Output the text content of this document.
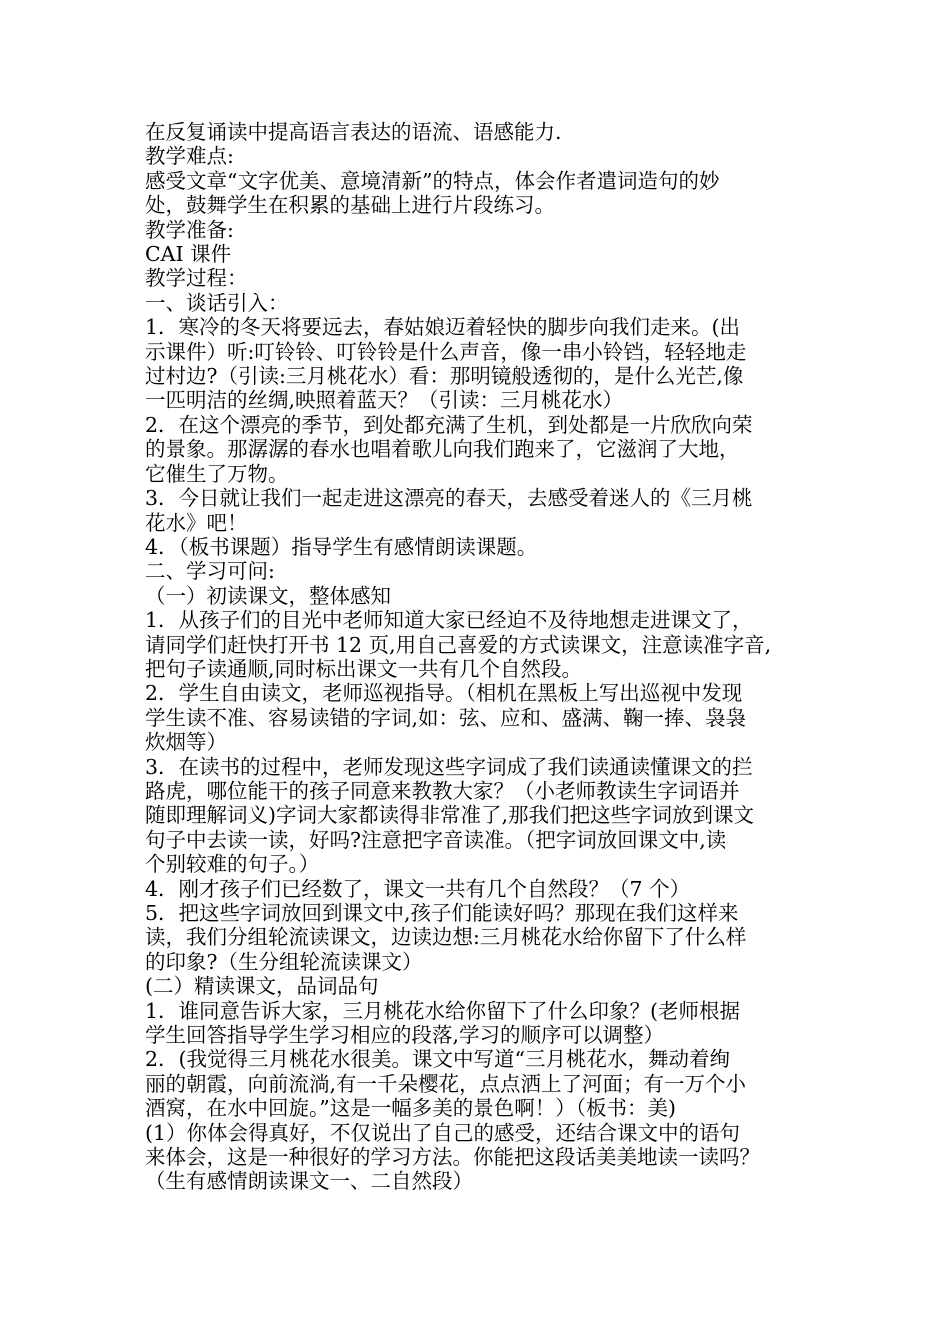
在反复诵读中提高语言表达的语流、语感能力.
教学难点:
感受文章“文字优美、意境清新”的特点，体会作者遣词造句的妙
处，鼓舞学生在积累的基础上进行片段练习。
教学准备:
CAI 课件
教学过程：
一、谈话引入：
1．寒冷的冬天将要远去，春姑娘迈着轻快的脚步向我们走来。(出
示课件）听:叮铃铃、叮铃铃是什么声音，像一串小铃铛，轻轻地走
过村边?（引读:三月桃花水）看：那明镜般透彻的，是什么光芒,像
一匹明洁的丝绸,映照着蓝天？（引读：三月桃花水）
2．在这个漂亮的季节，到处都充满了生机，到处都是一片欣欣向荣
的景象。那潺潺的春水也唱着歌儿向我们跑来了，它滋润了大地，
它催生了万物。
3．今日就让我们一起走进这漂亮的春天，去感受着迷人的《三月桃
花水》吧！
4．（板书课题）指导学生有感情朗读课题。
二、学习可问:
（一）初读课文，整体感知
1．从孩子们的目光中老师知道大家已经迫不及待地想走进课文了，
请同学们赶快打开书 12 页,用自己喜爱的方式读课文，注意读准字音,
把句子读通顺,同时标出课文一共有几个自然段。
2．学生自由读文，老师巡视指导。（相机在黑板上写出巡视中发现
学生读不准、容易读错的字词,如：弦、应和、盛满、鞠一捧、袅袅
炊烟等）
3．在读书的过程中，老师发现这些字词成了我们读通读懂课文的拦
路虎，哪位能干的孩子同意来教教大家？（小老师教读生字词语并
随即理解词义)字词大家都读得非常准了,那我们把这些字词放到课文
句子中去读一读，好吗?注意把字音读准。（把字词放回课文中,读
个别较难的句子。）
4．刚才孩子们已经数了，课文一共有几个自然段？（7 个）
5．把这些字词放回到课文中,孩子们能读好吗？那现在我们这样来
读，我们分组轮流读课文，边读边想:三月桃花水给你留下了什么样
的印象?（生分组轮流读课文）
(二）精读课文，品词品句
1．谁同意告诉大家，三月桃花水给你留下了什么印象？(老师根据
学生回答指导学生学习相应的段落,学习的顺序可以调整）
2．(我觉得三月桃花水很美。课文中写道“三月桃花水，舞动着绚
丽的朝霞，向前流淌,有一千朵樱花，点点洒上了河面；有一万个小
酒窝，在水中回旋。”这是一幅多美的景色啊！）（板书：美)
(1）你体会得真好，不仅说出了自己的感受，还结合课文中的语句
来体会，这是一种很好的学习方法。你能把这段话美美地读一读吗？
（生有感情朗读课文一、二自然段）
